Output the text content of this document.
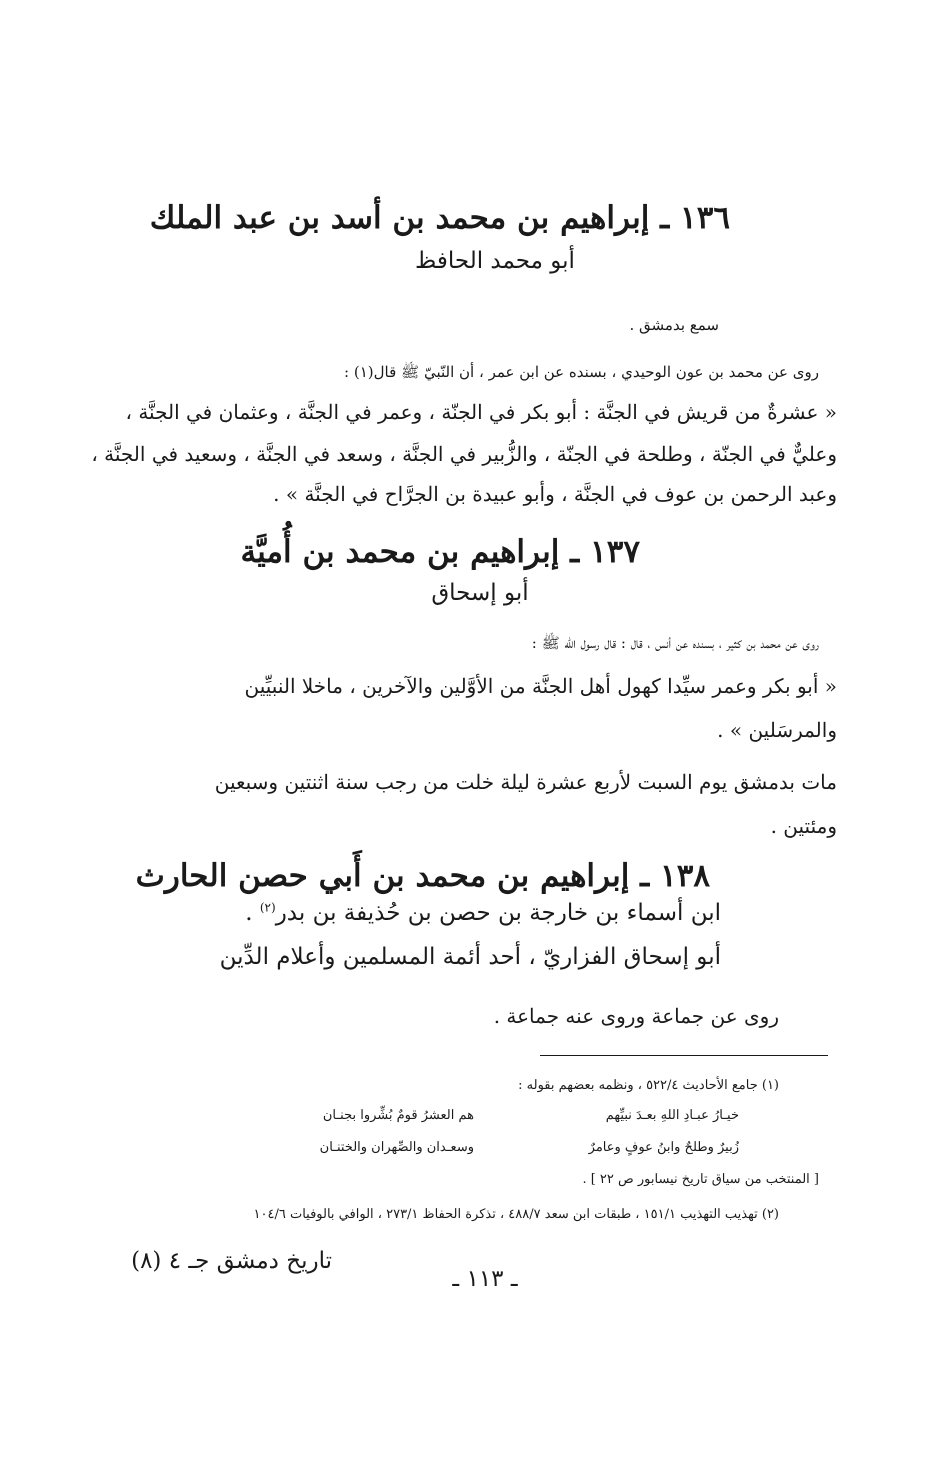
١٣٦ ـ إبراهيم بن محمد بن أسد بن عبد الملك
أبو محمد الحافظ
سمع بدمشق .
روى عن محمد بن عون الوحيدي ، بسنده عن ابن عمر ، أن النّبيّ ﷺ قال(١) :
« عشرةٌ من قريش في الجنَّة : أبو بكر في الجنّة ، وعمر في الجنَّة ، وعثمان في الجنَّة ،
وعليٌّ في الجنّة ، وطلحة في الجنّة ، والزُّبير في الجنَّة ، وسعد في الجنَّة ، وسعيد في الجنَّة ،
وعبد الرحمن بن عوف في الجنَّة ، وأبو عبيدة بن الجرَّاح في الجنَّة » .
١٣٧ ـ إبراهيم بن محمد بن أُميَّة
أبو إسحاق
روى عن محمد بن كثير ، بسنده عن أنس ، قال : قال رسول الله ﷺ :
« أبو بكر وعمر سيِّدا كهول أهل الجنَّة من الأوَّلين والآخرين ، ماخلا النبيِّين
والمرسَلين » .
مات بدمشق يوم السبت لأربع عشرة ليلة خلت من رجب سنة اثنتين وسبعين
ومئتين .
١٣٨ ـ إبراهيم بن محمد بن أَبي حصن الحارث
ابن أسماء بن خارجة بن حصن بن حُذيفة بن بدر$^{(٢)}$ .
أبو إسحاق الفزاريّ ، أحد أئمة المسلمين وأعلام الدِّين
روى عن جماعة وروى عنه جماعة .
(١) جامع الأحاديث ٥٢٢/٤ ، ونظمه بعضهم بقوله :
خيـارُ عبـادِ اللهِ بعـدَ نبيِّهم
هم العشرُ قومٌ بُشِّروا بجنـان
زُبيرٌ وطلحٌ وابنُ عوفٍ وعامرٌ
وسعـدان والصِّهران والختنـان
[ المنتخب من سياق تاريخ نيسابور ص ٢٢ ] .
(٢) تهذيب التهذيب ١٥١/١ ، طبقات ابن سعد ٤٨٨/٧ ، تذكرة الحفاظ ٢٧٣/١ ، الوافي بالوفيات ١٠٤/٦
ـ ١١٣ ـ
تاريخ دمشق جـ ٤ (٨)
